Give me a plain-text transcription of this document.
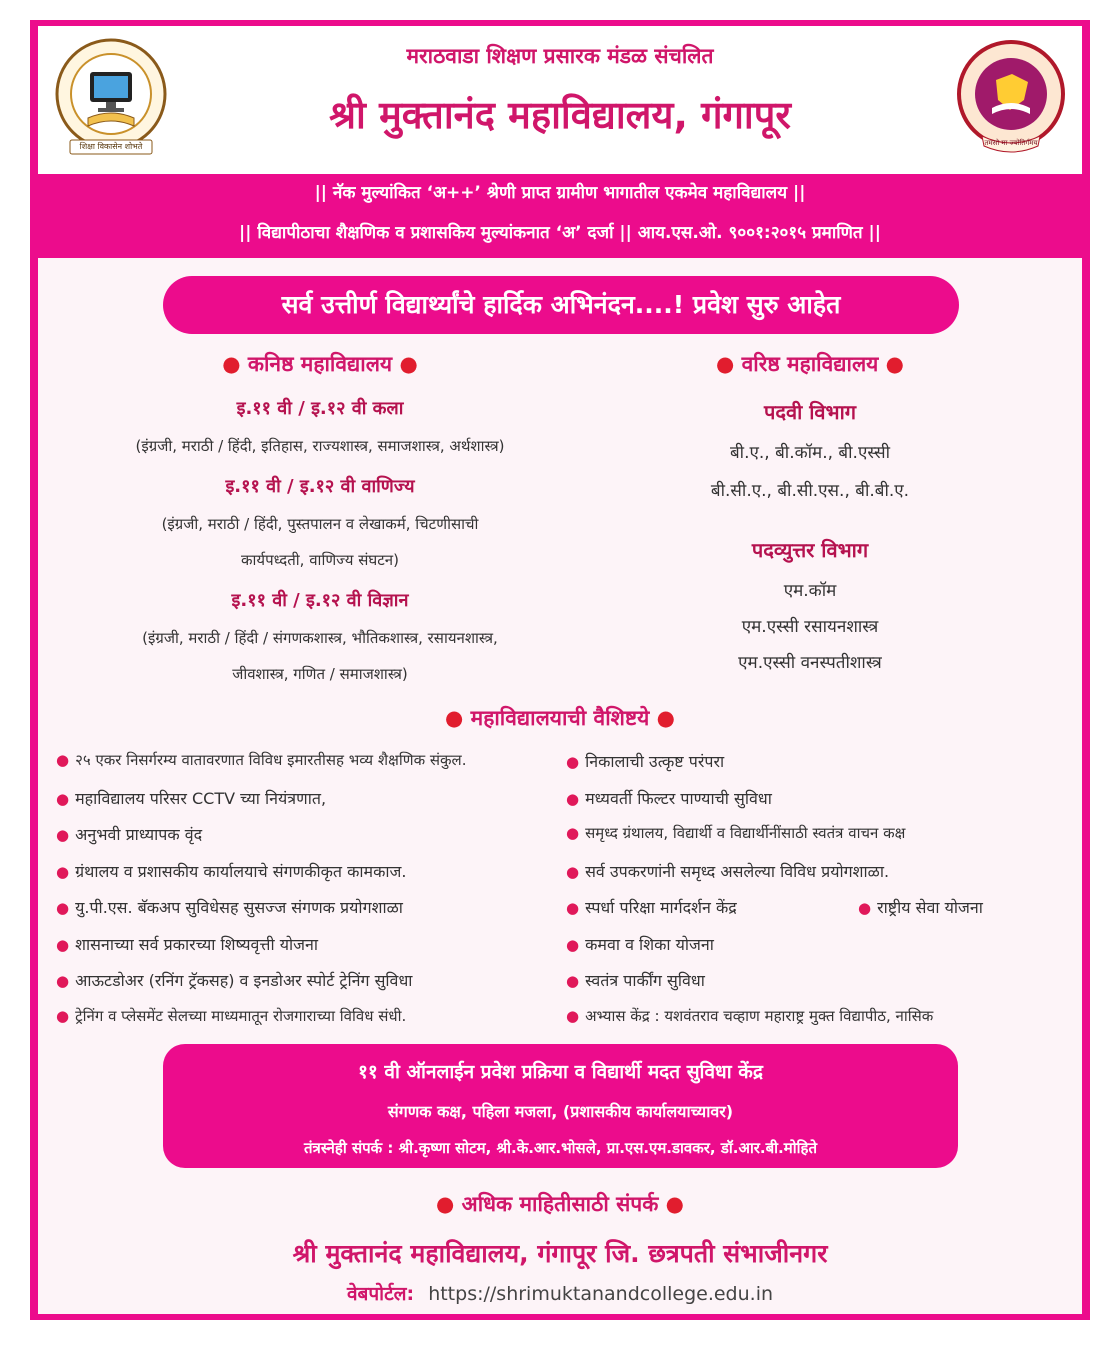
शिक्षा विकासेन शोभते	तमसो मा ज्योतिर्गमय
मराठवाडा शिक्षण प्रसारक मंडळ संचलित
श्री मुक्तानंद महाविद्यालय, गंगापूर
|| नॅक मुल्यांकित ‘अ++’ श्रेणी प्राप्त ग्रामीण भागातील एकमेव महाविद्यालय ||
|| विद्यापीठाचा शैक्षणिक व प्रशासकिय मुल्यांकनात ‘अ’ दर्जा || आय.एस.ओ. ९००१:२०१५ प्रमाणित ||
सर्व उत्तीर्ण विद्यार्थ्यांचे हार्दिक अभिनंदन....! प्रवेश सुरु आहेत
● कनिष्ठ महाविद्यालय ●
इ.११ वी / इ.१२ वी कला
(इंग्रजी, मराठी / हिंदी, इतिहास, राज्यशास्त्र, समाजशास्त्र, अर्थशास्त्र)
इ.११ वी / इ.१२ वी वाणिज्य
(इंग्रजी, मराठी / हिंदी, पुस्तपालन व लेखाकर्म, चिटणीसाची
कार्यपध्दती, वाणिज्य संघटन)
इ.११ वी / इ.१२ वी विज्ञान
(इंग्रजी, मराठी / हिंदी / संगणकशास्त्र, भौतिकशास्त्र, रसायनशास्त्र,
जीवशास्त्र, गणित / समाजशास्त्र)
● वरिष्ठ महाविद्यालय ●
पदवी विभाग
बी.ए., बी.कॉम., बी.एस्सी
बी.सी.ए., बी.सी.एस., बी.बी.ए.
पदव्युत्तर विभाग
एम.कॉम
एम.एस्सी रसायनशास्त्र
एम.एस्सी वनस्पतीशास्त्र
● महाविद्यालयाची वैशिष्टये ●
● २५ एकर निसर्गरम्य वातावरणात विविध इमारतीसह भव्य शैक्षणिक संकुल.
● महाविद्यालय परिसर CCTV च्या नियंत्रणात,
● अनुभवी प्राध्यापक वृंद
● ग्रंथालय व प्रशासकीय कार्यालयाचे संगणकीकृत कामकाज.
● यु.पी.एस. बॅकअप सुविधेसह सुसज्ज संगणक प्रयोगशाळा
● शासनाच्या सर्व प्रकारच्या शिष्यवृत्ती योजना
● आऊटडोअर (रनिंग ट्रॅकसह) व इनडोअर स्पोर्ट ट्रेनिंग सुविधा
● ट्रेनिंग व प्लेसमेंट सेलच्या माध्यमातून रोजगाराच्या विविध संधी.
● निकालाची उत्कृष्ट परंपरा
● मध्यवर्ती फिल्टर पाण्याची सुविधा
● समृध्द ग्रंथालय, विद्यार्थी व विद्यार्थीनींसाठी स्वतंत्र वाचन कक्ष
● सर्व उपकरणांनी समृध्द असलेल्या विविध प्रयोगशाळा.
● स्पर्धा परिक्षा मार्गदर्शन केंद्र	● राष्ट्रीय सेवा योजना
● कमवा व शिका योजना
● स्वतंत्र पार्कींग सुविधा
● अभ्यास केंद्र : यशवंतराव चव्हाण महाराष्ट्र मुक्त विद्यापीठ, नासिक
११ वी ऑनलाईन प्रवेश प्रक्रिया व विद्यार्थी मदत सुविधा केंद्र
संगणक कक्ष, पहिला मजला, (प्रशासकीय कार्यालयाच्यावर)
तंत्रस्नेही संपर्क : श्री.कृष्णा सोटम, श्री.के.आर.भोसले, प्रा.एस.एम.डावकर, डॉ.आर.बी.मोहिते
● अधिक माहितीसाठी संपर्क ●
श्री मुक्तानंद महाविद्यालय, गंगापूर जि. छत्रपती संभाजीनगर
वेबपोर्टल: https://shrimuktanandcollege.edu.in
